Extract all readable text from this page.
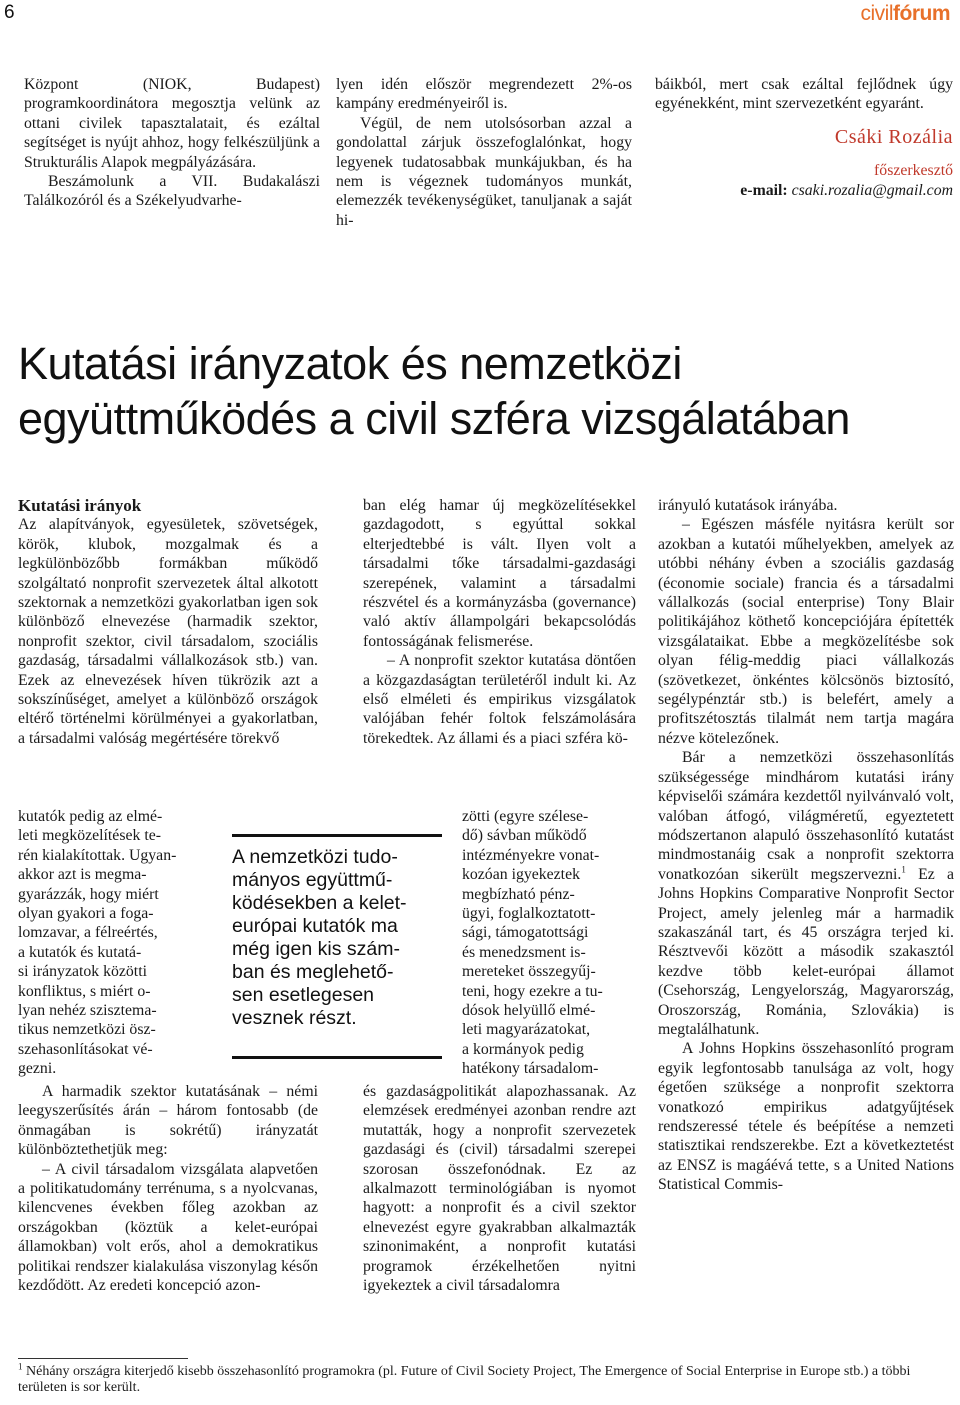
6	civilfórum

Központ (NIOK, Budapest) programkoordinátora megosztja velünk az ottani civilek tapasztalatait, és ezáltal segítséget is nyújt ahhoz, hogy felkészüljünk a Strukturális Alapok megpályázására.

Beszámolunk a VII. Budakalászi Találkozóról és a Székelyudvarhe-

lyen idén először megrendezett 2%-os kampány eredményeiről is.

Végül, de nem utolsósorban azzal a gondolattal zárjuk összefoglalónkat, hogy legyenek tudatosabbak munkájukban, és ha nem is végeznek tudományos munkát, elemezzék tevékenységüket, tanuljanak a saját hi-

báikból, mert csak ezáltal fejlődnek úgy egyénekként, mint szervezetként egyaránt.

Csáki Rozália

főszerkesztő

e-mail: csaki.rozalia@gmail.com

Kutatási irányzatok és nemzetközi
együttműködés a civil szféra vizsgálatában

Kutatási irányok

Az alapítványok, egyesületek, szövetségek, körök, klubok, mozgalmak és a legkülönbözőbb formákban működő szolgáltató nonprofit szervezetek által alkotott szektornak a nemzetközi gyakorlatban igen sok különböző elnevezése (harmadik szektor, nonprofit szektor, civil társadalom, szociális gazdaság, társadalmi vállalkozások stb.) van. Ezek az elnevezések híven tükrözik azt a sokszínűséget, amelyet a különböző országok eltérő történelmi körülményei a gyakorlatban, a társadalmi valóság megértésére törekvő

kutatók pedig az elmé-
leti megközelítések te-
rén kialakítottak. Ugyan-
akkor azt is megma-
gyarázzák, hogy miért
olyan gyakori a foga-
lomzavar, a félreértés,
a kutatók és kutatá-
si irányzatok közötti
konfliktus, s miért o-
lyan nehéz szisztema-
tikus nemzetközi ösz-
szehasonlításokat vé-
gezni.

A harmadik szektor kutatásának – némi leegyszerűsítés árán – három fontosabb (de önmagában is sokrétű) irányzatát különböztethetjük meg:

– A civil társadalom vizsgálata alapvetően a politikatudomány terrénuma, s a nyolcvanas, kilencvenes években főleg azokban az országokban (köztük a kelet-európai államokban) volt erős, ahol a demokratikus politikai rendszer kialakulása viszonylag későn kezdődött. Az eredeti koncepció azon-

ban elég hamar új megközelítésekkel gazdagodott, s egyúttal sokkal elterjedtebbé is vált. Ilyen volt a társadalmi tőke társadalmi-gazdasági szerepének, valamint a társadalmi részvétel és a kormányzásba (governance) való aktív állampolgári bekapcsolódás fontosságának felismerése.

– A nonprofit szektor kutatása döntően a közgazdaságtan területéről indult ki. Az első elméleti és empirikus vizsgálatok valójában fehér foltok felszámolására törekedtek. Az állami és a piaci szféra kö-

zötti (egyre szélese-
dő) sávban működő
intézményekre vonat-
kozóan igyekeztek
megbízható pénz-
ügyi, foglalkoztatott-
sági, támogatottsági
és menedzsment is-
mereteket összegyűj-
teni, hogy ezekre a tu-
dósok helyüllő elmé-
leti magyarázatokat,
a kormányok pedig
hatékony társadalom-

és gazdaságpolitikát alapozhassanak. Az elemzések eredményei azonban rendre azt mutatták, hogy a nonprofit szervezetek gazdasági és (civil) társadalmi szerepei szorosan összefonódnak. Ez az alkalmazott terminológiában is nyomot hagyott: a nonprofit és a civil szektor elnevezést egyre gyakrabban alkalmazták szinonimaként, a nonprofit kutatási programok érzékelhetően nyitni igyekeztek a civil társadalomra

A nemzetközi tudo-
mányos együttmű-
ködésekben a kelet-
európai kutatók ma
még igen kis szám-
ban és meglehető-
sen esetlegesen
vesznek részt.

irányuló kutatások irányába.

– Egészen másféle nyitásra került sor azokban a kutatói műhelyekben, amelyek az utóbbi néhány évben a szociális gazdaság (économie sociale) francia és a társadalmi vállalkozás (social enterprise) Tony Blair politikájához köthető koncepciójára építették vizsgálataikat. Ebbe a megközelítésbe sok olyan félig-meddig piaci vállalkozás (szövetkezet, önkéntes kölcsönös biztosító, segélypénztár stb.) is belefért, amely a profitszétosztás tilalmát nem tartja magára nézve kötelezőnek.

Bár a nemzetközi összehasonlítás szükségessége mindhárom kutatási irány képviselői számára kezdettől nyilvánvaló volt, valóban átfogó, világméretű, egyeztetett módszertanon alapuló összehasonlító kutatást mindmostanáig csak a nonprofit szektorra vonatkozóan sikerült megszervezni.$^1$ Ez a Johns Hopkins Comparative Nonprofit Sector Project, amely jelenleg már a harmadik szakaszánál tart, és 45 országra terjed ki. Résztvevői között a második szakasztól kezdve több kelet-európai államot (Csehország, Lengyelország, Magyarország, Oroszország, Románia, Szlovákia) is megtalálhatunk.

A Johns Hopkins összehasonlító program egyik legfontosabb tanulsága az volt, hogy égetően szüksége a nonprofit szektorra vonatkozó empirikus adatgyűjtések rendszeressé tétele és beépítése a nemzeti statisztikai rendszerekbe. Ezt a következtetést az ENSZ is magáévá tette, s a United Nations Statistical Commis-

$^1$ Néhány országra kiterjedő kisebb összehasonlító programokra (pl. Future of Civil Society Project, The Emergence of Social Enterprise in Europe stb.) a többi területen is sor került.
